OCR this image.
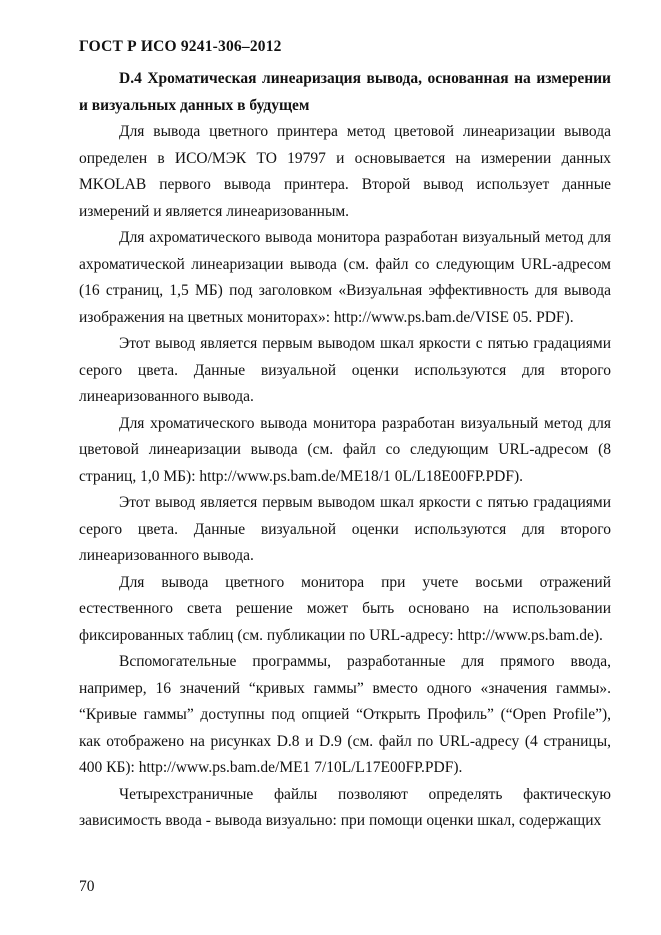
ГОСТ Р ИСО 9241-306–2012

D.4 Хроматическая линеаризация вывода, основанная на измерении и визуальных данных в будущем

Для вывода цветного принтера метод цветовой линеаризации вывода определен в ИСО/МЭК ТО 19797 и основывается на измерении данных MKOLAB первого вывода принтера. Второй вывод использует данные измерений и является линеаризованным.

Для ахроматического вывода монитора разработан визуальный метод для ахроматической линеаризации вывода (см. файл со следующим URL-адресом (16 страниц, 1,5 МБ) под заголовком «Визуальная эффективность для вывода изображения на цветных мониторах»: http://www.ps.bam.de/VISE 05. PDF).

Этот вывод является первым выводом шкал яркости с пятью градациями серого цвета. Данные визуальной оценки используются для второго линеаризованного вывода.

Для хроматического вывода монитора разработан визуальный метод для цветовой линеаризации вывода (см. файл со следующим URL-адресом (8 страниц, 1,0 МБ): http://www.ps.bam.de/ME18/1 0L/L18E00FP.PDF).

Этот вывод является первым выводом шкал яркости с пятью градациями серого цвета. Данные визуальной оценки используются для второго линеаризованного вывода.

Для вывода цветного монитора при учете восьми отражений естественного света решение может быть основано на использовании фиксированных таблиц (см. публикации по URL-адресу: http://www.ps.bam.de).

Вспомогательные программы, разработанные для прямого ввода, например, 16 значений “кривых гаммы” вместо одного «значения гаммы». “Кривые гаммы” доступны под опцией “Открыть Профиль” (“Open Profile”), как отображено на рисунках D.8 и D.9 (см. файл по URL-адресу (4 страницы, 400 КБ): http://www.ps.bam.de/ME1 7/10L/L17E00FP.PDF).

Четырехстраничные файлы позволяют определять фактическую зависимость ввода - вывода визуально: при помощи оценки шкал, содержащих

70
